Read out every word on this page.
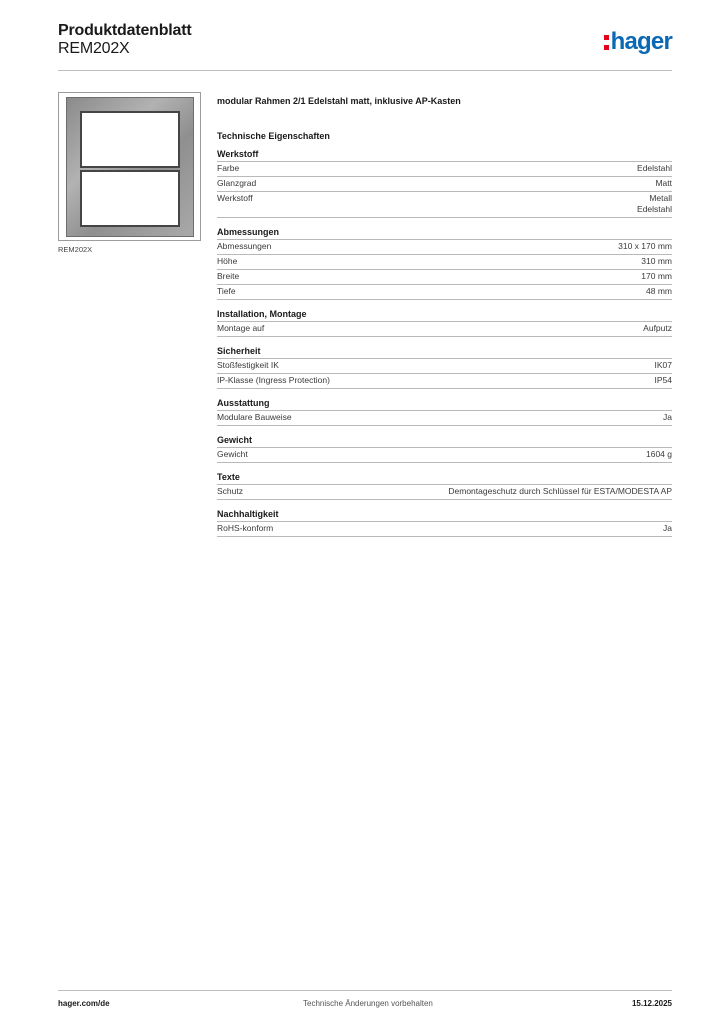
Produktdatenblatt
REM202X	hager
REM202X
modular Rahmen 2/1 Edelstahl matt, inklusive AP-Kasten
Technische Eigenschaften
Werkstoff
Farbe	Edelstahl
Glanzgrad	Matt
Werkstoff	Metall
Edelstahl
Abmessungen
Abmessungen	310 x 170 mm
Höhe	310 mm
Breite	170 mm
Tiefe	48 mm
Installation, Montage
Montage auf	Aufputz
Sicherheit
Stoßfestigkeit IK	IK07
IP-Klasse (Ingress Protection)	IP54
Ausstattung
Modulare Bauweise	Ja
Gewicht
Gewicht	1604 g
Texte
Schutz	Demontageschutz durch Schlüssel für ESTA/MODESTA AP
Nachhaltigkeit
RoHS-konform	Ja
hager.com/de	Technische Änderungen vorbehalten	15.12.2025
